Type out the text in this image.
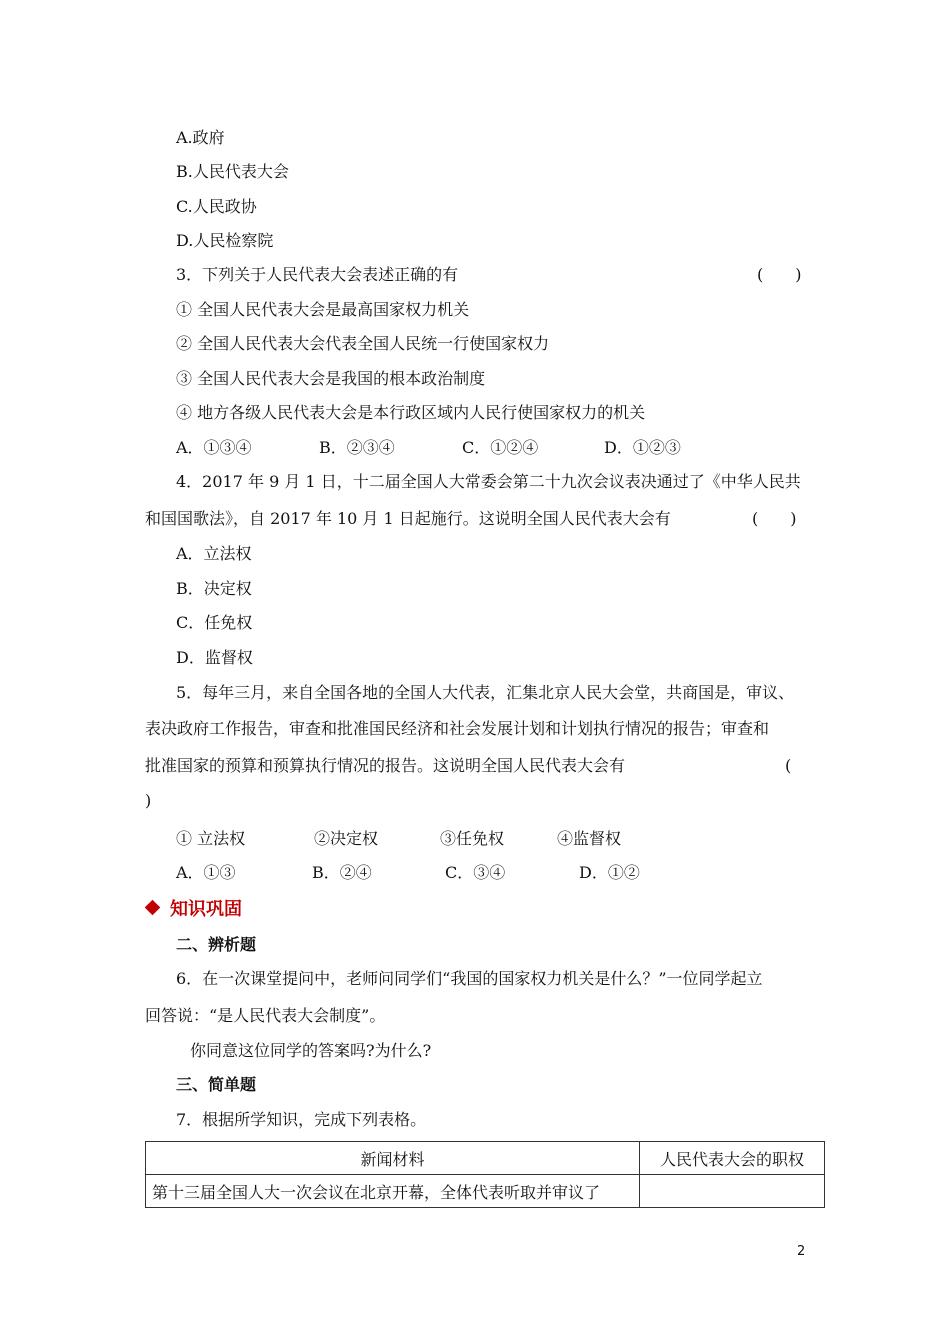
A.政府
B.人民代表大会
C.人民政协
D.人民检察院
3．下列关于人民代表大会表述正确的有	(　　)
① 全国人民代表大会是最高国家权力机关
② 全国人民代表大会代表全国人民统一行使国家权力
③ 全国人民代表大会是我国的根本政治制度
④ 地方各级人民代表大会是本行政区域内人民行使国家权力的机关
A．①③④	B．②③④	C．①②④	D．①②③
4．2017 年 9 月 1 日，十二届全国人大常委会第二十九次会议表决通过了《中华人民共
和国国歌法》，自 2017 年 10 月 1 日起施行。这说明全国人民代表大会有	(　　)
A．立法权
B．决定权
C．任免权
D．监督权
5．每年三月，来自全国各地的全国人大代表，汇集北京人民大会堂，共商国是，审议、
表决政府工作报告，审查和批准国民经济和社会发展计划和计划执行情况的报告；审查和
批准国家的预算和预算执行情况的报告。这说明全国人民代表大会有	(
)
① 立法权	②决定权	③任免权	④监督权
A．①③	B．②④	C．③④	D．①②
知识巩固
二、辨析题
6．在一次课堂提问中，老师问同学们“我国的国家权力机关是什么？”一位同学起立
回答说：“是人民代表大会制度”。
你同意这位同学的答案吗?为什么?
三、简单题
7．根据所学知识，完成下列表格。
新闻材料	人民代表大会的职权
第十三届全国人大一次会议在北京开幕，全体代表听取并审议了	
2
